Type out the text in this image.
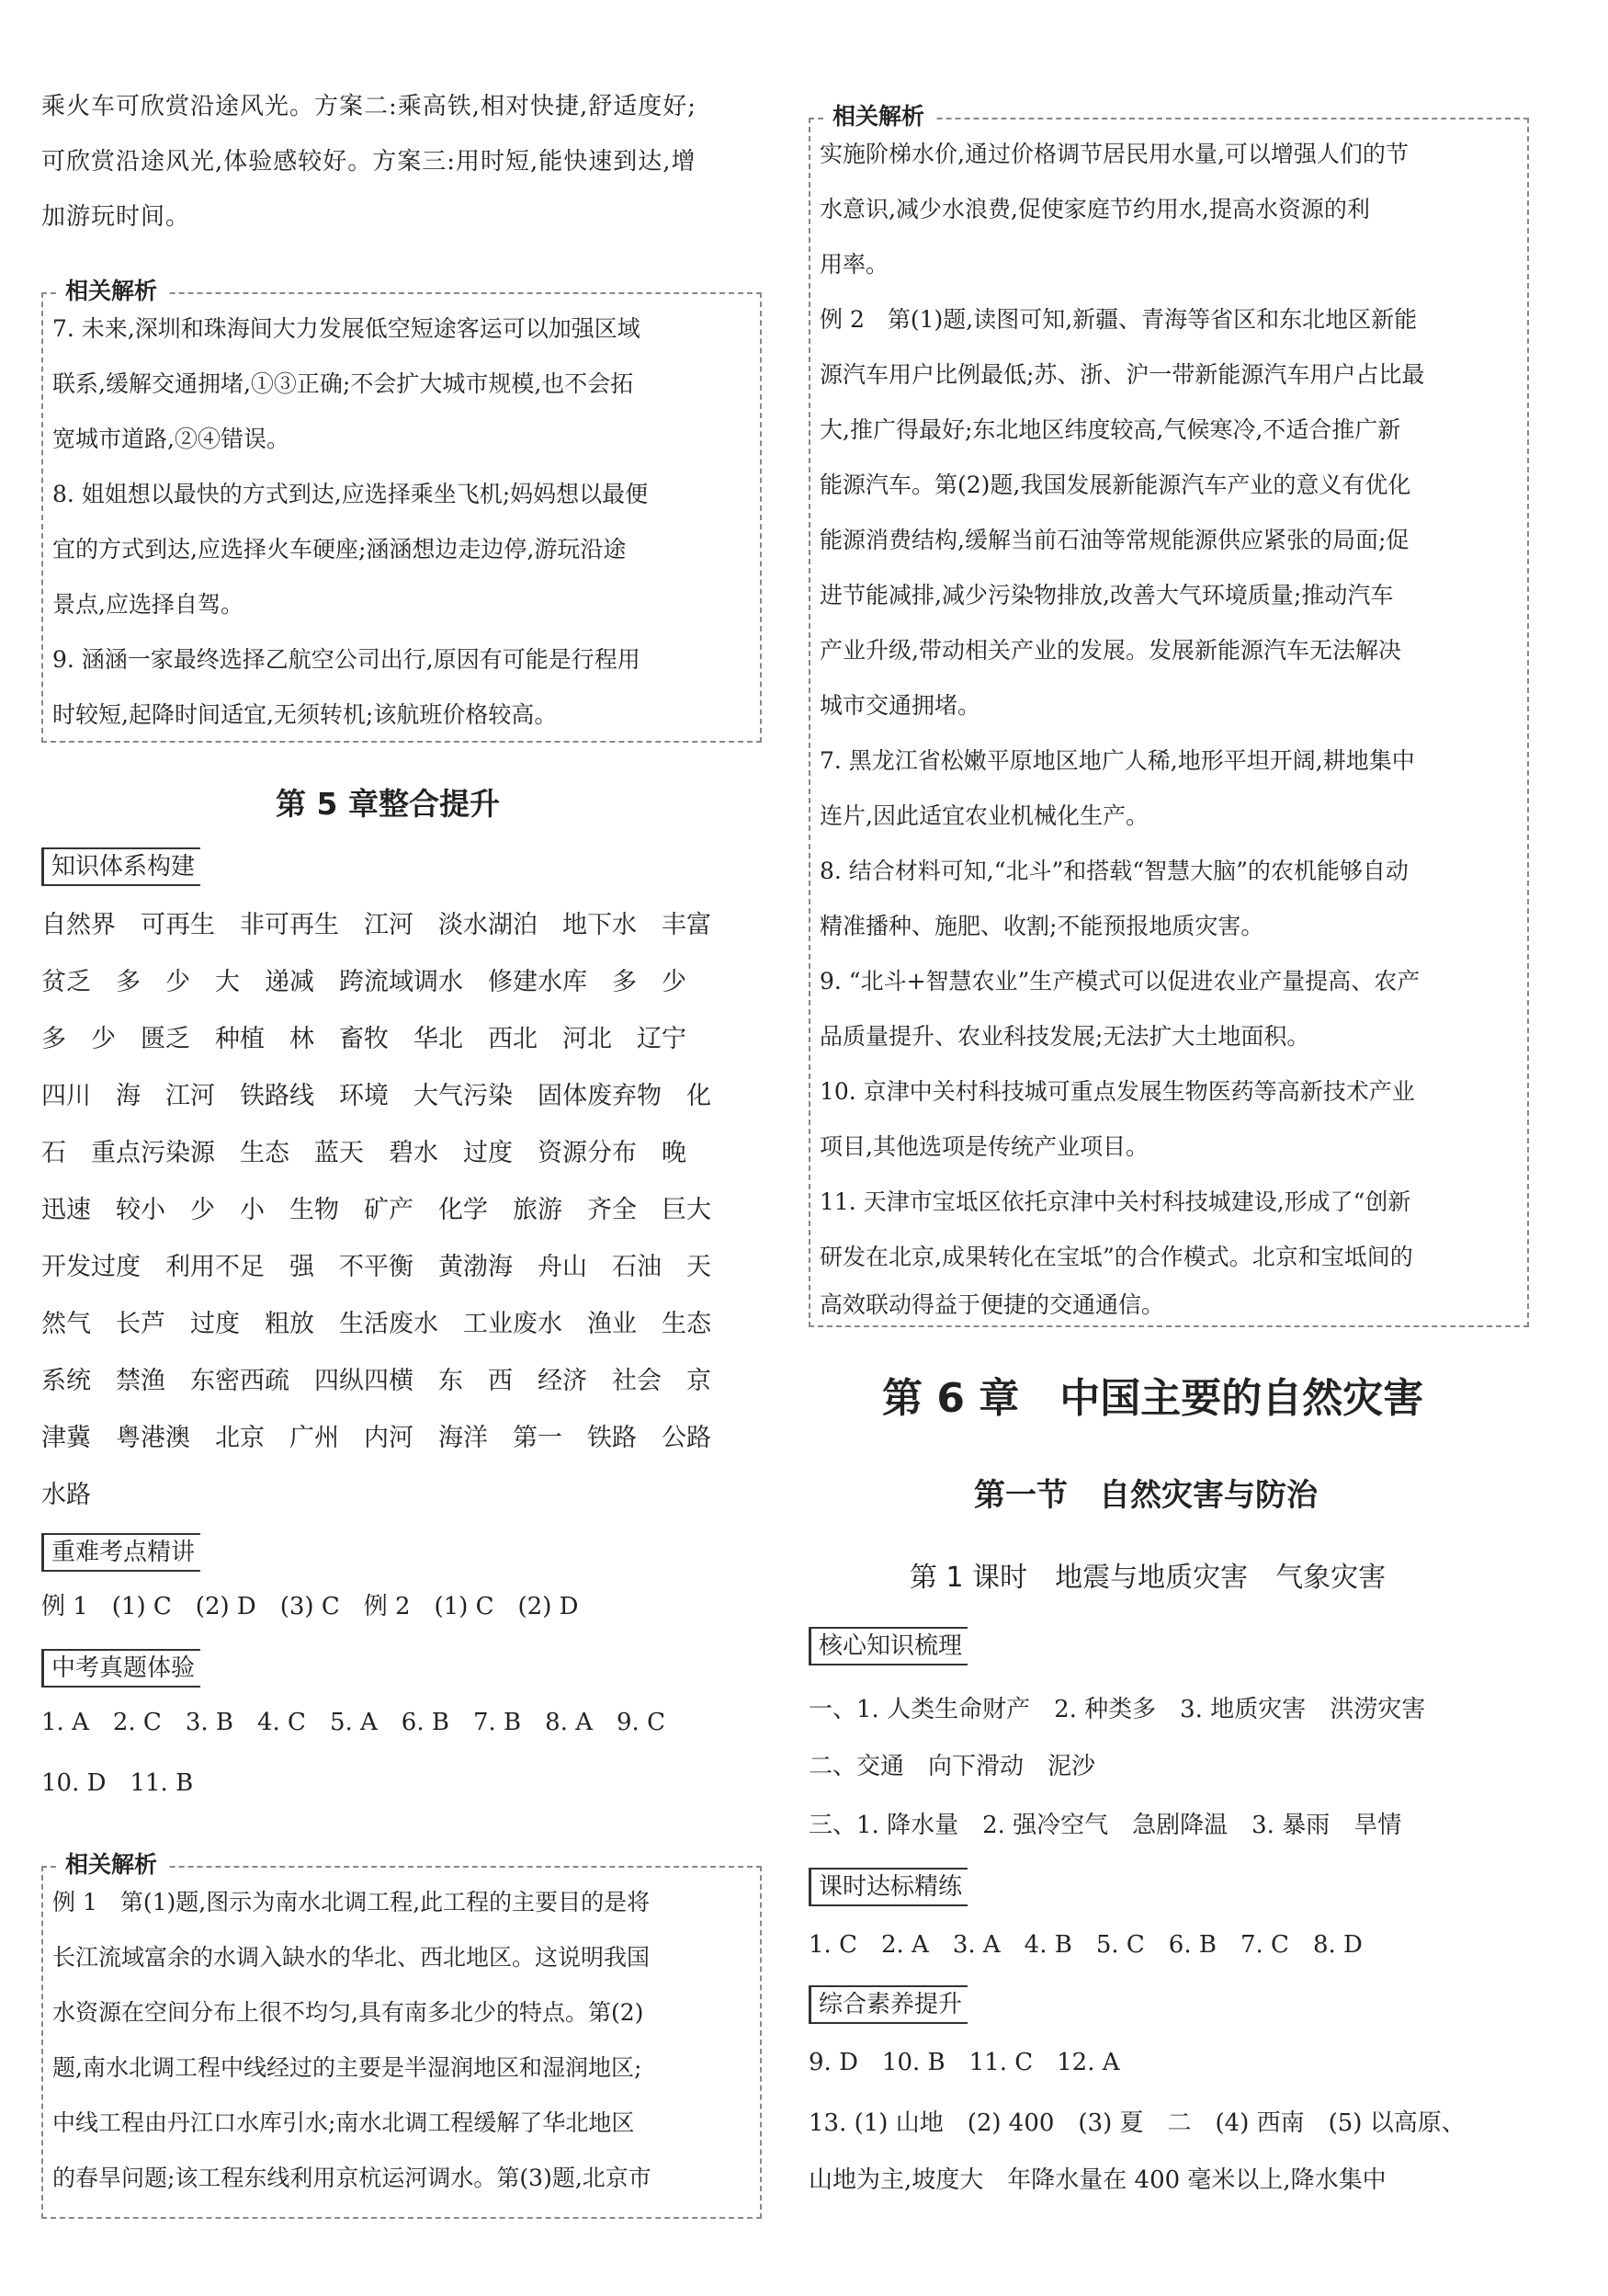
乘火车可欣赏沿途风光。方案二:乘高铁,相对快捷,舒适度好;
可欣赏沿途风光,体验感较好。方案三:用时短,能快速到达,增
加游玩时间。
相关解析
7. 未来,深圳和珠海间大力发展低空短途客运可以加强区域
联系,缓解交通拥堵,①③正确;不会扩大城市规模,也不会拓
宽城市道路,②④错误。
8. 姐姐想以最快的方式到达,应选择乘坐飞机;妈妈想以最便
宜的方式到达,应选择火车硬座;涵涵想边走边停,游玩沿途
景点,应选择自驾。
9. 涵涵一家最终选择乙航空公司出行,原因有可能是行程用
时较短,起降时间适宜,无须转机;该航班价格较高。
第 5 章整合提升
知识体系构建
自然界　可再生　非可再生　江河　淡水湖泊　地下水　丰富
贫乏　多　少　大　递减　跨流域调水　修建水库　多　少
多　少　匮乏　种植　林　畜牧　华北　西北　河北　辽宁
四川　海　江河　铁路线　环境　大气污染　固体废弃物　化
石　重点污染源　生态　蓝天　碧水　过度　资源分布　晚
迅速　较小　少　小　生物　矿产　化学　旅游　齐全　巨大
开发过度　利用不足　强　不平衡　黄渤海　舟山　石油　天
然气　长芦　过度　粗放　生活废水　工业废水　渔业　生态
系统　禁渔　东密西疏　四纵四横　东　西　经济　社会　京
津冀　粤港澳　北京　广州　内河　海洋　第一　铁路　公路
水路
重难考点精讲
例 1　(1) C　(2) D　(3) C　例 2　(1) C　(2) D
中考真题体验
1. A　2. C　3. B　4. C　5. A　6. B　7. B　8. A　9. C
10. D　11. B
相关解析
例 1　第(1)题,图示为南水北调工程,此工程的主要目的是将
长江流域富余的水调入缺水的华北、西北地区。这说明我国
水资源在空间分布上很不均匀,具有南多北少的特点。第(2)
题,南水北调工程中线经过的主要是半湿润地区和湿润地区;
中线工程由丹江口水库引水;南水北调工程缓解了华北地区
的春旱问题;该工程东线利用京杭运河调水。第(3)题,北京市
相关解析
实施阶梯水价,通过价格调节居民用水量,可以增强人们的节
水意识,减少水浪费,促使家庭节约用水,提高水资源的利
用率。
例 2　第(1)题,读图可知,新疆、青海等省区和东北地区新能
源汽车用户比例最低;苏、浙、沪一带新能源汽车用户占比最
大,推广得最好;东北地区纬度较高,气候寒冷,不适合推广新
能源汽车。第(2)题,我国发展新能源汽车产业的意义有优化
能源消费结构,缓解当前石油等常规能源供应紧张的局面;促
进节能减排,减少污染物排放,改善大气环境质量;推动汽车
产业升级,带动相关产业的发展。发展新能源汽车无法解决
城市交通拥堵。
7. 黑龙江省松嫩平原地区地广人稀,地形平坦开阔,耕地集中
连片,因此适宜农业机械化生产。
8. 结合材料可知,“北斗”和搭载“智慧大脑”的农机能够自动
精准播种、施肥、收割;不能预报地质灾害。
9. “北斗+智慧农业”生产模式可以促进农业产量提高、农产
品质量提升、农业科技发展;无法扩大土地面积。
10. 京津中关村科技城可重点发展生物医药等高新技术产业
项目,其他选项是传统产业项目。
11. 天津市宝坻区依托京津中关村科技城建设,形成了“创新
研发在北京,成果转化在宝坻”的合作模式。北京和宝坻间的
高效联动得益于便捷的交通通信。
第 6 章　中国主要的自然灾害
第一节　自然灾害与防治
第 1 课时　地震与地质灾害　气象灾害
核心知识梳理
一、1. 人类生命财产　2. 种类多　3. 地质灾害　洪涝灾害
二、交通　向下滑动　泥沙
三、1. 降水量　2. 强冷空气　急剧降温　3. 暴雨　旱情
课时达标精练
1. C　2. A　3. A　4. B　5. C　6. B　7. C　8. D
综合素养提升
9. D　10. B　11. C　12. A
13. (1) 山地　(2) 400　(3) 夏　二　(4) 西南　(5) 以高原、
山地为主,坡度大　年降水量在 400 毫米以上,降水集中
